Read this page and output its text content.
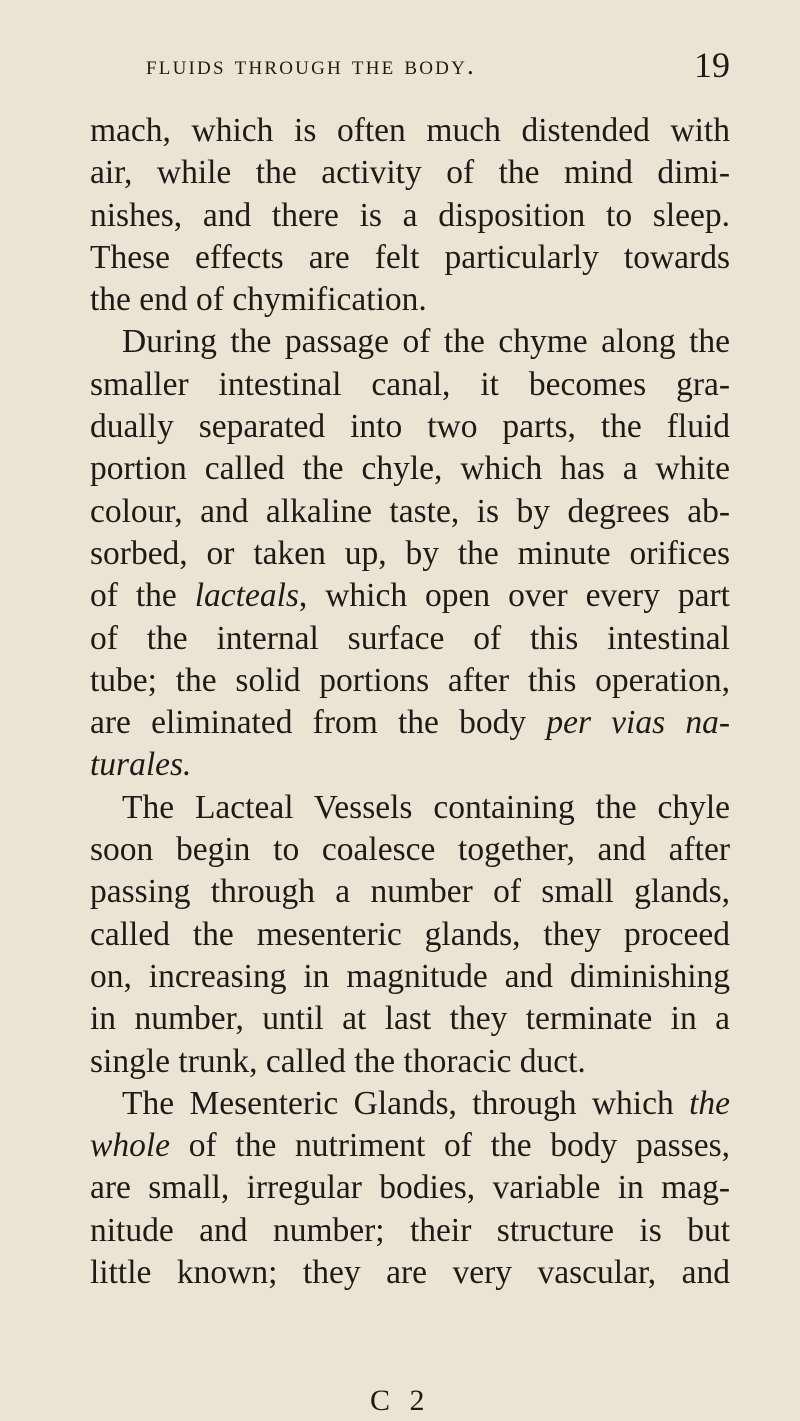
fluids through the body.	19
mach, which is often much distended with
air, while the activity of the mind dimi-
nishes, and there is a disposition to sleep.
These effects are felt particularly towards
the end of chymification.
During the passage of the chyme along the
smaller intestinal canal, it becomes gra-
dually separated into two parts, the fluid
portion called the chyle, which has a white
colour, and alkaline taste, is by degrees ab-
sorbed, or taken up, by the minute orifices
of the lacteals, which open over every part
of the internal surface of this intestinal
tube; the solid portions after this operation,
are eliminated from the body per vias na-
turales.
The Lacteal Vessels containing the chyle
soon begin to coalesce together, and after
passing through a number of small glands,
called the mesenteric glands, they proceed
on, increasing in magnitude and diminishing
in number, until at last they terminate in a
single trunk, called the thoracic duct.
The Mesenteric Glands, through which the
whole of the nutriment of the body passes,
are small, irregular bodies, variable in mag-
nitude and number; their structure is but
little known; they are very vascular, and
C 2
